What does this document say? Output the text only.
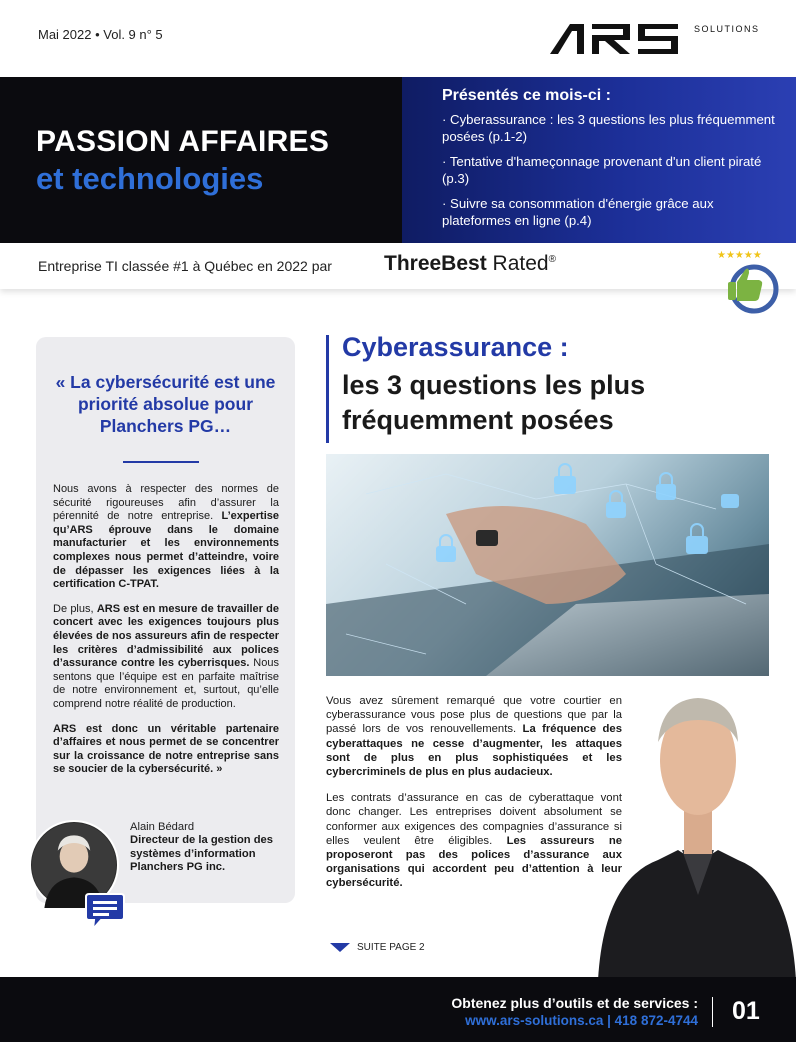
Mai 2022 • Vol. 9 n° 5	SOLUTIONS
PASSION AFFAIRES
et technologies
Présentés ce mois-ci :
· Cyberassurance : les 3 questions les plus fréquemment posées (p.1-2)
· Tentative d'hameçonnage provenant d'un client piraté (p.3)
· Suivre sa consommation d'énergie grâce aux plateformes en ligne (p.4)
Entreprise TI classée #1 à Québec en 2022 par ThreeBest Rated®	★★★★★
« La cybersécurité est une priorité absolue pour Planchers PG…

Nous avons à respecter des normes de sécurité rigoureuses afin d’assurer la pérennité de notre entreprise. L’expertise qu’ARS éprouve dans le domaine manufacturier et les environnements complexes nous permet d’atteindre, voire de dépasser les exigences liées à la certification C-TPAT.

De plus, ARS est en mesure de travailler de concert avec les exigences toujours plus élevées de nos assureurs afin de respecter les critères d’admissibilité aux polices d’assurance contre les cyberrisques. Nous sentons que l’équipe est en parfaite maîtrise de notre environnement et, surtout, qu’elle comprend notre réalité de production.

ARS est donc un véritable partenaire d’affaires et nous permet de se concentrer sur la croissance de notre entreprise sans se soucier de la cybersécurité. »

Alain Bédard
Directeur de la gestion des systèmes d’information Planchers PG inc.
Cyberassurance :
les 3 questions les plus fréquemment posées

Vous avez sûrement remarqué que votre courtier en cyberassurance vous pose plus de questions que par la passé lors de vos renouvellements. La fréquence des cyberattaques ne cesse d’augmenter, les attaques sont de plus en plus sophistiquées et les cybercriminels de plus en plus audacieux.

Les contrats d’assurance en cas de cyberattaque vont donc changer. Les entreprises doivent absolument se conformer aux exigences des compagnies d’assurance si elles veulent être éligibles. Les assureurs ne proposeront pas des polices d’assurance aux organisations qui accordent peu d’attention à leur cybersécurité.

SUITE PAGE 2
Obtenez plus d’outils et de services :
www.ars-solutions.ca | 418 872-4744 01
